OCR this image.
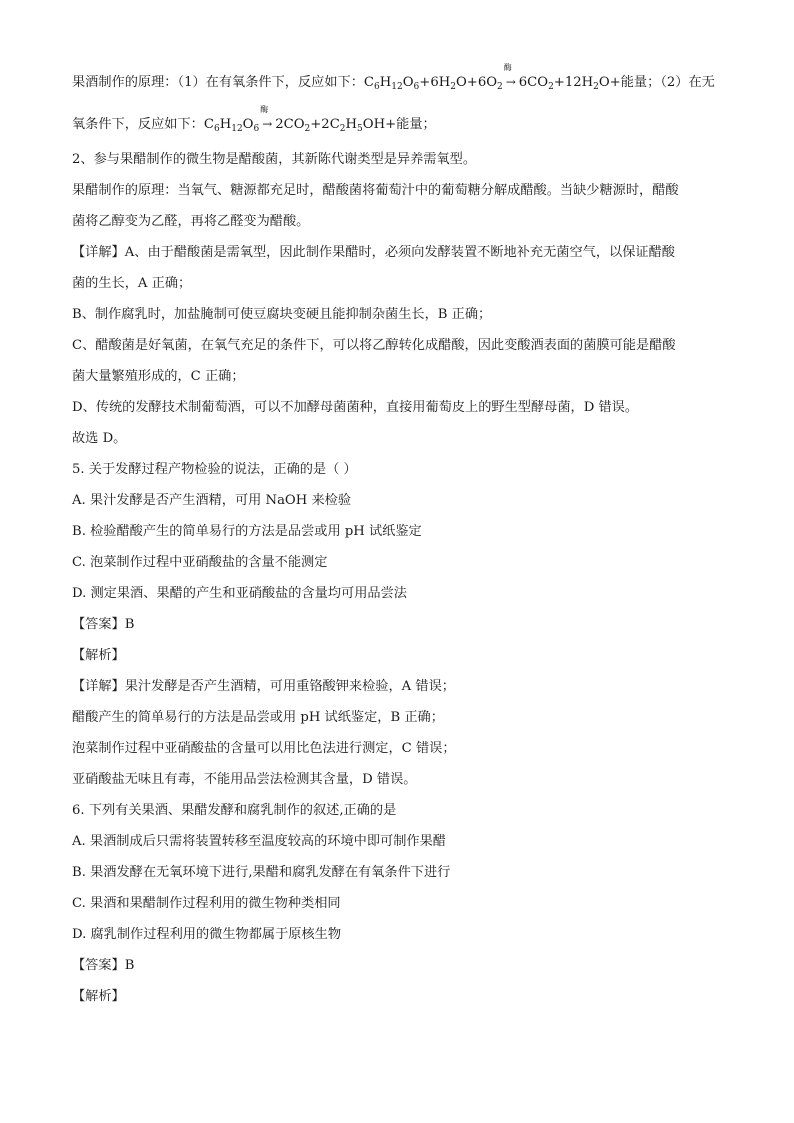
果酒制作的原理：（1）在有氧条件下，反应如下：$C_6H_{12}O_6+6H_2O+6O_2$
酶
→ $6CO_2+12H_2O+$能量；（2）在无
氧条件下，反应如下：$C_6H_{12}O_6$
酶
→ $2CO_2+2C_2H_5OH+$能量；
2、参与果醋制作的微生物是醋酸菌，其新陈代谢类型是异养需氧型。
果醋制作的原理：当氧气、糖源都充足时，醋酸菌将葡萄汁中的葡萄糖分解成醋酸。当缺少糖源时，醋酸
菌将乙醇变为乙醛，再将乙醛变为醋酸。
【详解】A、由于醋酸菌是需氧型，因此制作果醋时，必须向发酵装置不断地补充无菌空气，以保证醋酸
菌的生长，A 正确；
B、制作腐乳时，加盐腌制可使豆腐块变硬且能抑制杂菌生长，B 正确；
C、醋酸菌是好氧菌，在氧气充足的条件下，可以将乙醇转化成醋酸，因此变酸酒表面的菌膜可能是醋酸
菌大量繁殖形成的，C 正确；
D、传统的发酵技术制葡萄酒，可以不加酵母菌菌种，直接用葡萄皮上的野生型酵母菌，D 错误。
故选 D。
5. 关于发酵过程产物检验的说法，正确的是（ ）
A. 果汁发酵是否产生酒精，可用 NaOH 来检验
B. 检验醋酸产生的简单易行的方法是品尝或用 pH 试纸鉴定
C. 泡菜制作过程中亚硝酸盐的含量不能测定
D. 测定果酒、果醋的产生和亚硝酸盐的含量均可用品尝法
【答案】B
【解析】
【详解】果汁发酵是否产生酒精，可用重铬酸钾来检验，A 错误；
醋酸产生的简单易行的方法是品尝或用 pH 试纸鉴定，B 正确；
泡菜制作过程中亚硝酸盐的含量可以用比色法进行测定，C 错误；
亚硝酸盐无味且有毒，不能用品尝法检测其含量，D 错误。
6. 下列有关果酒、果醋发酵和腐乳制作的叙述,正确的是
A. 果酒制成后只需将装置转移至温度较高的环境中即可制作果醋
B. 果酒发酵在无氧环境下进行,果醋和腐乳发酵在有氧条件下进行
C. 果酒和果醋制作过程利用的微生物种类相同
D. 腐乳制作过程利用的微生物都属于原核生物
【答案】B
【解析】
